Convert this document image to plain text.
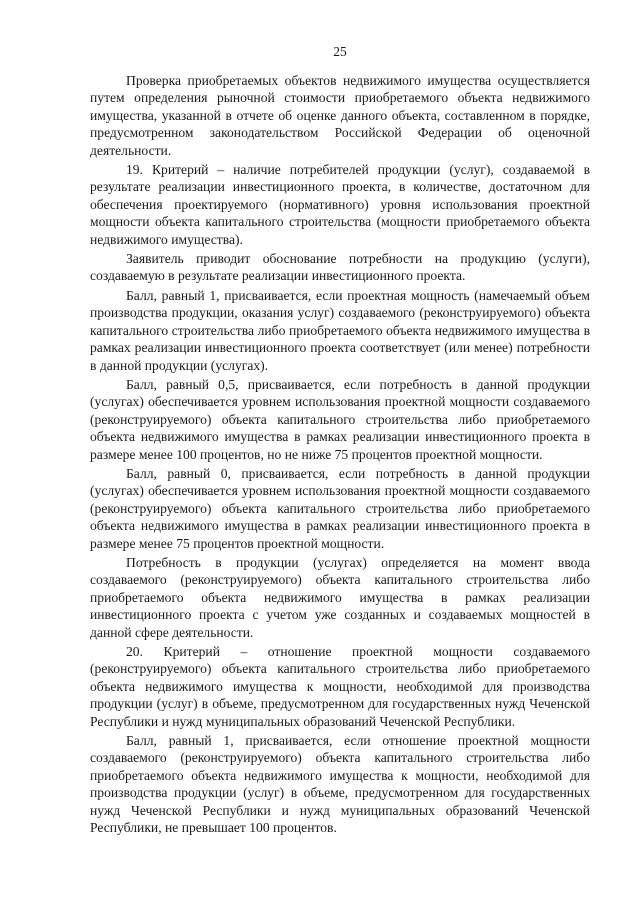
25

Проверка приобретаемых объектов недвижимого имущества осуществляется путем определения рыночной стоимости приобретаемого объекта недвижимого имущества, указанной в отчете об оценке данного объекта, составленном в порядке, предусмотренном законодательством Российской Федерации об оценочной деятельности.

19. Критерий – наличие потребителей продукции (услуг), создаваемой в результате реализации инвестиционного проекта, в количестве, достаточном для обеспечения проектируемого (нормативного) уровня использования проектной мощности объекта капитального строительства (мощности приобретаемого объекта недвижимого имущества).

Заявитель приводит обоснование потребности на продукцию (услуги), создаваемую в результате реализации инвестиционного проекта.

Балл, равный 1, присваивается, если проектная мощность (намечаемый объем производства продукции, оказания услуг) создаваемого (реконструируемого) объекта капитального строительства либо приобретаемого объекта недвижимого имущества в рамках реализации инвестиционного проекта соответствует (или менее) потребности в данной продукции (услугах).

Балл, равный 0,5, присваивается, если потребность в данной продукции (услугах) обеспечивается уровнем использования проектной мощности создаваемого (реконструируемого) объекта капитального строительства либо приобретаемого объекта недвижимого имущества в рамках реализации инвестиционного проекта в размере менее 100 процентов, но не ниже 75 процентов проектной мощности.

Балл, равный 0, присваивается, если потребность в данной продукции (услугах) обеспечивается уровнем использования проектной мощности создаваемого (реконструируемого) объекта капитального строительства либо приобретаемого объекта недвижимого имущества в рамках реализации инвестиционного проекта в размере менее 75 процентов проектной мощности.

Потребность в продукции (услугах) определяется на момент ввода создаваемого (реконструируемого) объекта капитального строительства либо приобретаемого объекта недвижимого имущества в рамках реализации инвестиционного проекта с учетом уже созданных и создаваемых мощностей в данной сфере деятельности.

20. Критерий – отношение проектной мощности создаваемого (реконструируемого) объекта капитального строительства либо приобретаемого объекта недвижимого имущества к мощности, необходимой для производства продукции (услуг) в объеме, предусмотренном для государственных нужд Чеченской Республики и нужд муниципальных образований Чеченской Республики.

Балл, равный 1, присваивается, если отношение проектной мощности создаваемого (реконструируемого) объекта капитального строительства либо приобретаемого объекта недвижимого имущества к мощности, необходимой для производства продукции (услуг) в объеме, предусмотренном для государственных нужд Чеченской Республики и нужд муниципальных образований Чеченской Республики, не превышает 100 процентов.
